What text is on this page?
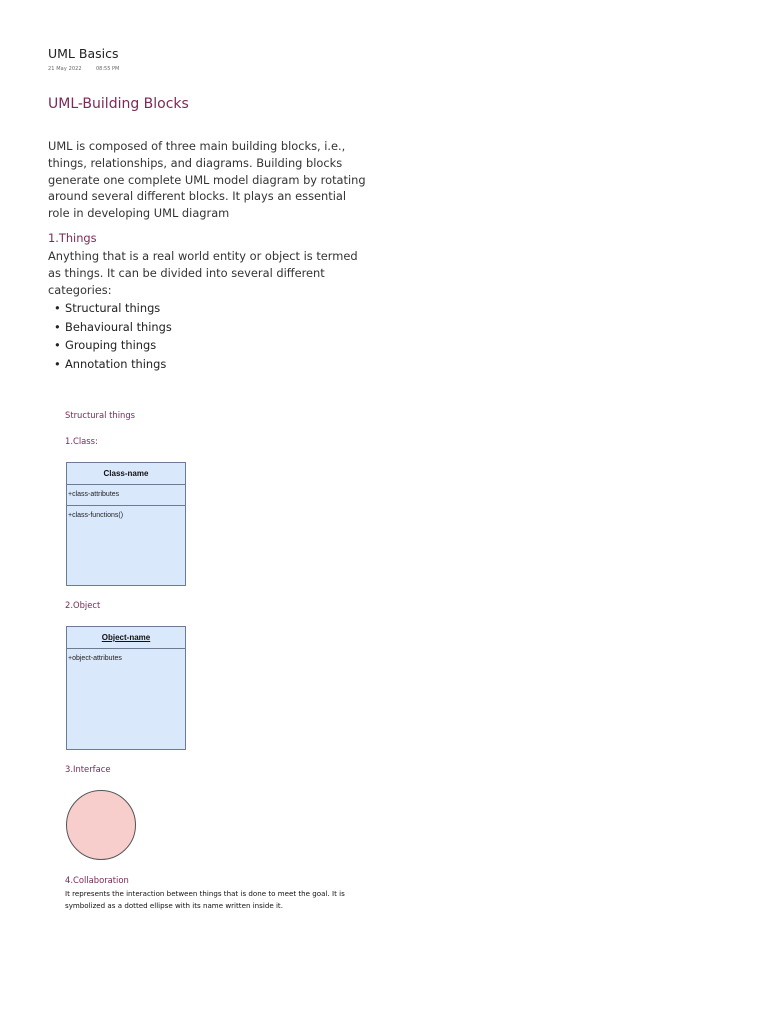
UML Basics
21 May 2022	08:55 PM
UML-Building Blocks
UML is composed of three main building blocks, i.e., things, relationships, and diagrams. Building blocks generate one complete UML model diagram by rotating around several different blocks. It plays an essential role in developing UML diagram
1.Things
Anything that is a real world entity or object is termed as things. It can be divided into several different categories:
• Structural things
• Behavioural things
• Grouping things
• Annotation things
Structural things
1.Class:
Class-name
+class-attributes
+class-functions()
2.Object
Object-name
+object-attributes
3.Interface
4.Collaboration
It represents the interaction between things that is done to meet the goal. It is symbolized as a dotted ellipse with its name written inside it.
